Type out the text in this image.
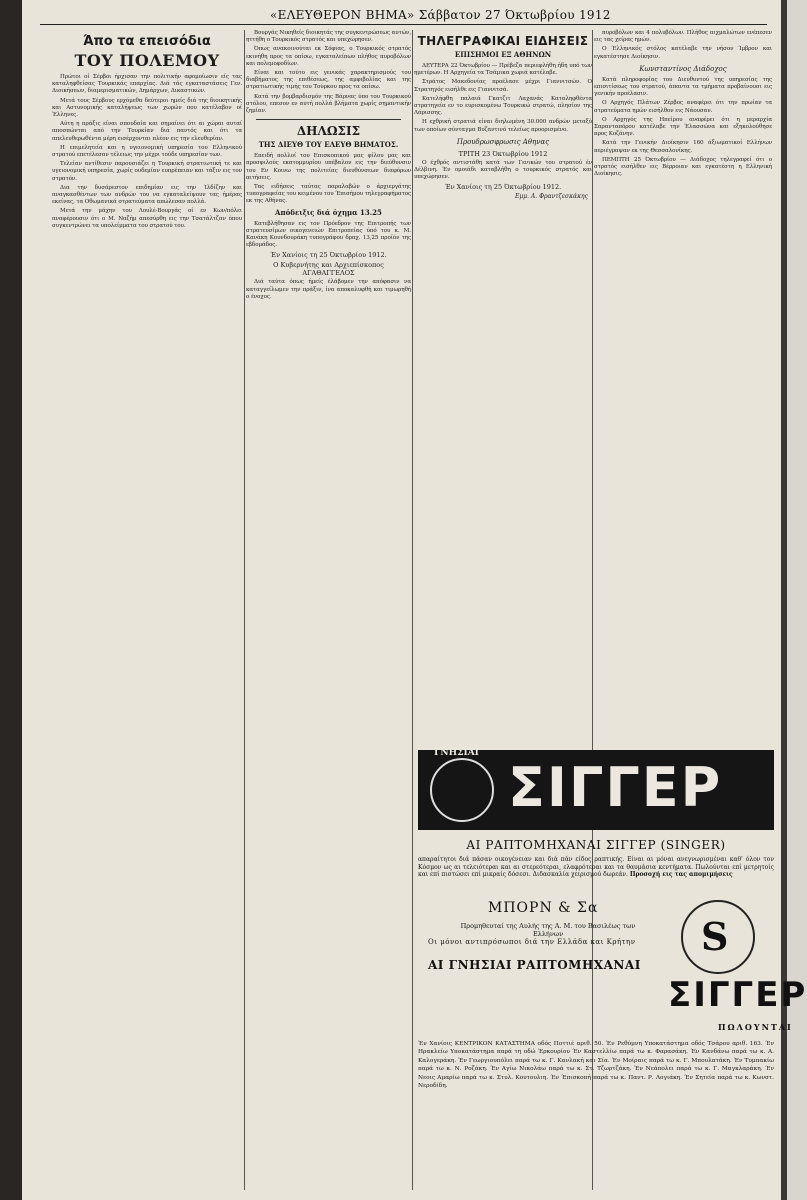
«ΕΛΕΥΘΕΡΟΝ ΒΗΜΑ» Σάββατον 27 Όκτωβρίου 1912
Άπο τα επεισόδια
ΤΟΥ ΠΟΛΕΜΟΥ

Πρώτοι οί Σέρβοι ήρχισαν την πολιτικήν αφομοίωσιν είς τας καταληφθείσας Τουρκικάς επαρχίας. Διά τάς εγκαταστάσεις Γεν. Διοικήσεων, διαμερισματικών, Δημάρχων, Δικαστικών.

Μετά τους Σέρβους ερχόμεθα δεύτεροι ημείς διά της διοικητικής και Αστυνομικής καταλήψεως των χωρών που κατέλαβον οί Έλληνες.

Αύτη η πράξις είναι σπουδαία και σημαίνει ότι αι χώραι αυταί αποσπώνται από την Τουρκίαν διά παντός και ότι τα απελευθερωθέντα μέρη εισέρχονται πλέον εις την ελευθερίαν.

Η επιμελητεία και η υγειονομική υπηρεσία του Ελληνικού στρατού επετέλεσαν τέλειως την μέχρι τούδε υπηρεσίαν των.

Τελείαν αντίθεσιν παρουσιάζει η Τουρκική στρατιωτική τε και υγειονομική υπηρεσία, χωρίς ουδεμίαν ευπρέπειαν και τάξιν εις τον στρατόν.

Δια την δυσάρεστον επιδημίαν εις την Ίλδίζην και αναγκασθέντων των ανδρών του να εγκαταλείψουν τας ήμέρας εκείνας, τα Οθωμανικά στρατεύματα απώλεσαν πολλά.

Μετά την μάχην του Λουλέ-Βουργάς οί εν Κων/πόλει αναφέρουσιν ότι ο Μ. Ναζήμ απεσύρθη εις την Τσατάλτζαν όπου συγκεντρώνει τα υπολείμματα του στρατού του.

Βουργάς Νικηθείς διοικητάς της συγκεντρώσεως αυτών, ηττήθη ο Τουρκικός στρατός και υπεχώρησεν.

Όπως ανακοινούται εκ Σόφιας, ο Τουρκικός στρατός εκινήθη προς τα οπίσω, εγκαταλείπων πλήθος πυροβόλων και πολεμοφοδίων.

Είναι και τούτο εις γενικάς χαρακτηρισμούς του διαβήματος της επιθέσεως, της αμφιβολίας και της στρατιωτικής τιμής του Τούρκου προς τα οπίσω.

Κατά την βομβαρδισμόν της Βάρνας ύπο του Τουρκικού στόλου, επεσον εν αυτή πολλά βλήματα χωρίς σημαντικήν ζημίαν.

ΔΗΛΩΣΙΣ
ΤΗΣ ΔΙΕΥΘ ΤΟΥ ΕΛΕΥΘ ΒΗΜΑΤΟΣ.

Επειδή πολλοί του Επισκοπικού μας φίλου μας και προσφιλούς εκατομμυρίου υπέβαλον εις την διεύθυνσιν του Εν Κοινω της πολιτείας διευθύνσεων διαφόρων αιτήσεις.

Τας ειδήσεις ταύτας παραλαβών ο άρχιεργάτης τυπογραφείας του κειμένου του Έπισήμου τηλεγραφήματος εκ της Αθήνας.

Απόδειξις διά όχημα 13.25

Κατεβλήθησαν εις τον Πρόεδρον της Επιτροπής των στρατευσίμων οικογενειών Επιτροπείας ύπό του κ. Μ. Κανάκη Κουνδουράκη τυπογράφου δραχ. 13,25 προϊόν της εβδομάδος.

Έν Χανίοις τη 25 Όκτωβρίου 1912.
Ο Κυβερνήτης και Αρχιεπίσκοπος ΑΓΑΘΑΓΓΕΛΟΣ

Διά ταύτα όπως ήμείς έλάβομεν την απόφασιν να καταγγείλωμεν την πράξιν, ίνα αποκαλυφθή και τιμωρηθή ο ένοχος.

ΤΗΛΕΓΡΑΦΙΚΑΙ ΕΙΔΗΣΕΙΣ
ΕΠΙΣΗΜΟΙ ΕΞ ΑΘΗΝΩΝ

ΔΕΥΤΕΡΑ 22 Όκτωβρίου — Πρέβεζα περιεφλήθη ήδη υπό των ημετέρων. Η Αρχηγεία τα Τσάμικα χωριά κατέλαβε.

Στράτος Μακεδονίας προέλασε μέχρι Γιαννιτσών. Ο Στρατηγός εισήλθε εις Γιαννιτσά.

Κατελήφθη παλαιά Γκατζιτ Λαχανάς Καταληφθέντα στρατηγεία εν το ευρισκομένω Τουρκικώ στρατώ, πλησίον της Λάρισσης.

Η εχθρική στρατιά είναι διηλωμένη 30.000 ανδρών μεταξύ των οποίων σύνταγμα Βυζαντινό τελείως προορισμένο.

Προυδρωσφρωσις Αθηνας
ΤΡΙΤΗ 23 Όκτωβρίου 1912

Ο έχθρός αντιστάθη κατά των Γενικών του στρατού έν Δέλβινη. Έν ομοιάδι καταβλήθη ο τουρκικός στρατός και υπεχώρησεν.

Έν Χανίοις τη 25 Όκτωβρίου 1912.
Εμμ. Α. Φραντζεσκάκης

πυροβόλων και 4 πολυβόλων. Πλήθος αιχμαλώτων ενέπεσεν εις τας χείρας ημών.

Ο Έλληνικός στόλος κατέλαβε την νήσον Ίμβρον και εγκατέστησε Διοίκησιν.

Κωνσταντίνος Διάδοχος

Κατά πληροφορίας του Διευθυντού της υπηρεσίας της επισιτίσεως του στρατού, άπαντα τα τμήματα προβαίνουσι εις γενικήν προέλασιν.

Ο Αρχηγός Πλάτων Ζέρβος αναφέρει ότι την πρωίαν τα στρατεύματα ημών εισήλθον εις Νάουσαν.

Ο Αρχηγός της Ηπείρου αναφέρει ότι η μεραρχία Σαρανταπόρου κατέλαβε την Έλασσώνα και εξηκολούθησε προς Κοζάνην.

Κατά την Γενικήν Διοίκησιν 160 άξιωματικοί Ελλήνων περιέγραψαν εκ της Θεσσαλονίκης.

ΠΕΜΠΤΗ 25 Όκτωβρίου — Διάδοχος τηλεγραφεί ότι ο στρατός εισήλθεν εις Βέρροιαν και εγκατέστη η Ελληνική Διοίκησις.

ΓΝΗΣΙΑΙ
ΣΙΓΓΕΡ
ΑΙ ΡΑΠΤΟΜΗΧΑΝΑΙ ΣΙΓΓΕΡ (SINGER)
απαραίτητοι διά πάσαν οικογένειαν και διά πάν είδος ραπτικής. Είναι αι μόναι ανεγνωρισμέναι καθ' όλον τον Κόσμον ως αι τελειότεραι και αι στερεότεραι, ελαφρότεραι και τα θαυμάσια κεντήματα. Πωλούνται επί μετρητοίς και επί πιστώσει επί μικραίς δόσεσι. Διδασκαλία χειρισμού δωρεάν. Προσοχή εις τας απομιμήσεις
S
ΜΠΟΡΝ & Σα
Προμηθευταί της Αυλής της Α. Μ. του Βασιλέως των Ελλήνων
Οι μόνοι αντιπρόσωποι διά την Ελλάδα και Κρήτην
ΑΙ ΓΝΗΣΙΑΙ ΡΑΠΤΟΜΗΧΑΝΑΙ
ΣΙΓΓΕΡ
ΠΩΛΟΥΝΤΑΙ
Έν Χανίοις ΚΕΝΤΡΙΚΟΝ ΚΑΤΑΣΤΗΜΑ οδός Ποττιέ αριθ. 50. Έν Ρεθύμνη Υποκατάστημα οδός Τσάρου αριθ. 163. Έν Ηρακλείω Υποκατάστημα παρά τη οδώ Έρκουρίου Έν Καστελλίω παρά τω κ. Φαρασάκη. Έν Κανδάνω παρά τω κ. Α. Καλογεράκη. Έν Γεωργιουπόλει παρά τω κ. Γ. Κανλακή και Σία. Έν Μοίραις παρά τω κ. Γ. Μπουλατάκη. Έν Τυμπακίω παρά τω κ. Ν. Ροζάκη. Έν Αγίω Νικολάω παρά τω κ. Στ. Τζωρτζάκη. Έν Νεάπολει παρά τω κ. Γ. Μαγκλαράκη. Έν Νεοις Αμαρίω παρά τω κ. Στυλ. Κουτουλιη. Έν Έπισκοπή παρά τω κ. Παντ. Ρ. Λογιάκη. Έν Σητεία παρά τω κ. Κωνστ. Νεροδίδη.
